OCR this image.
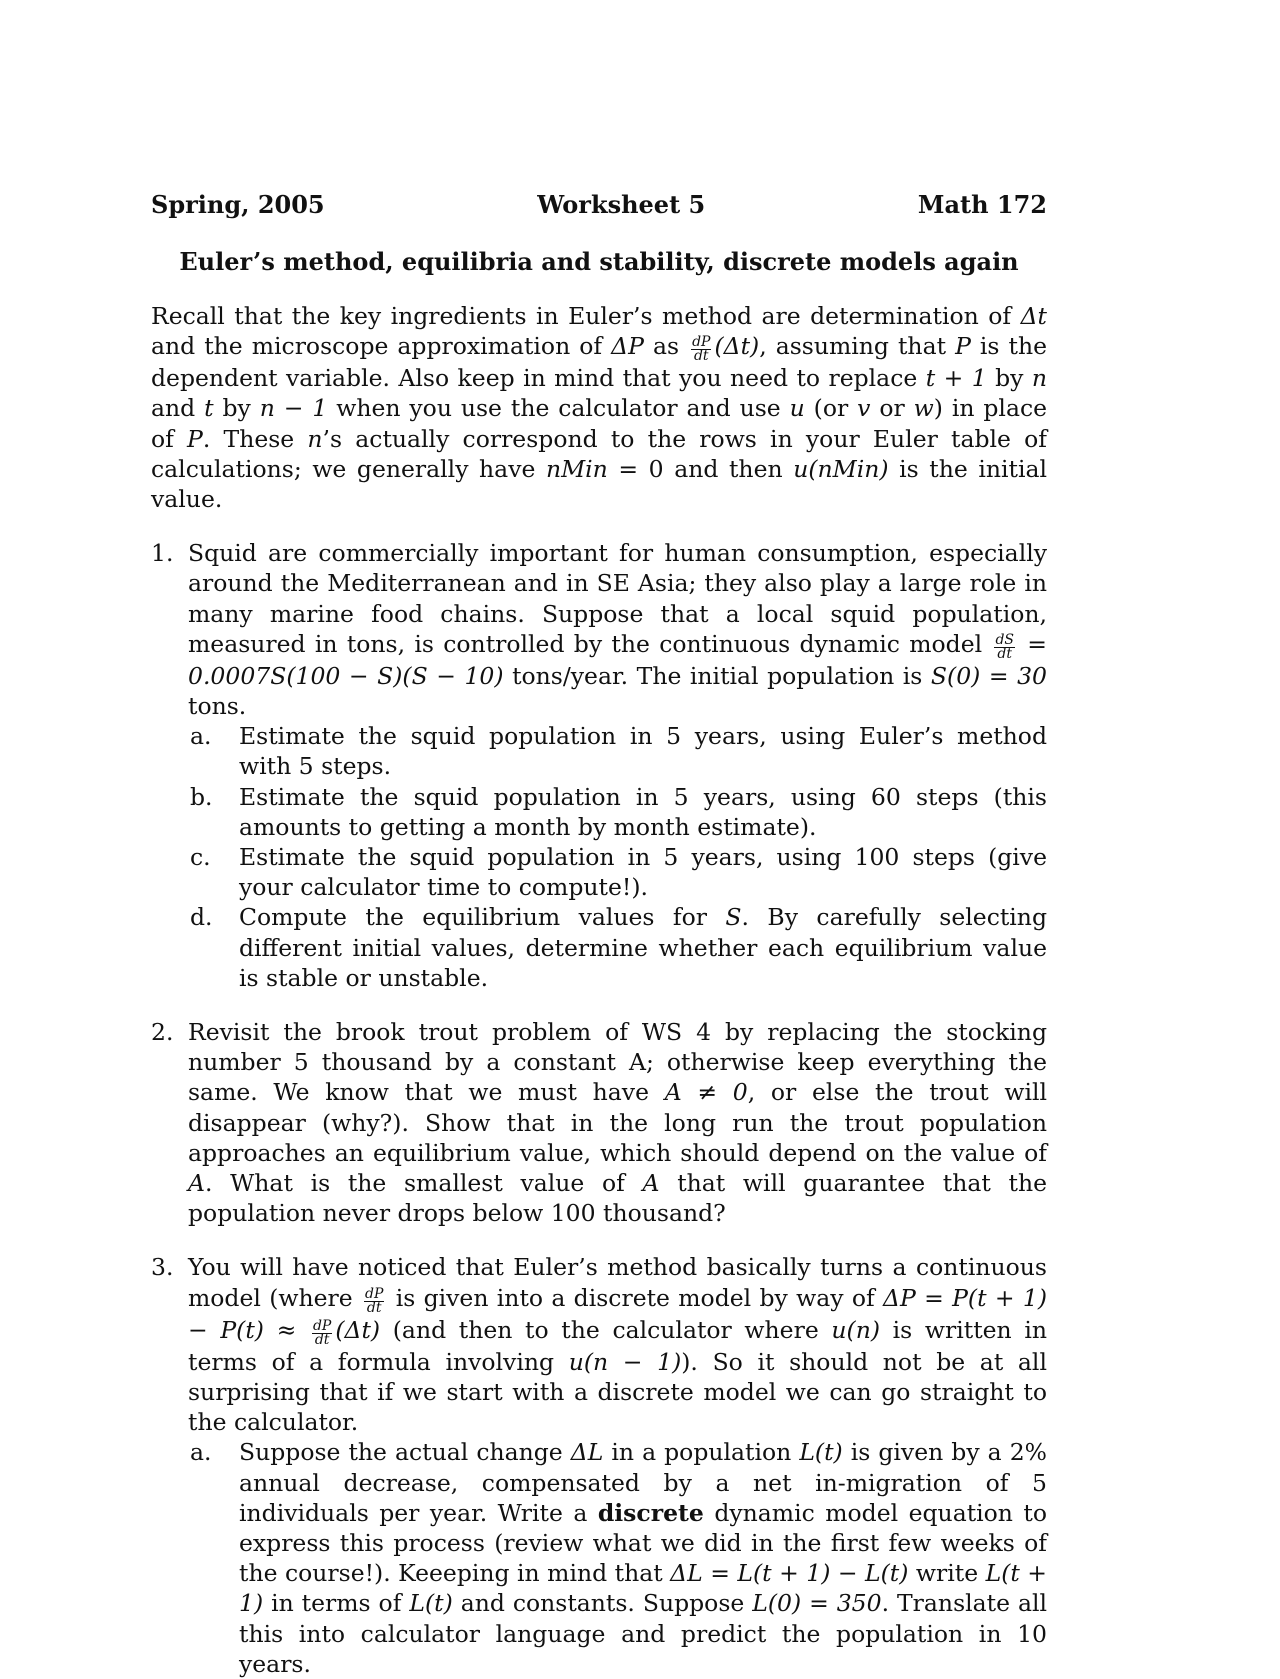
Spring, 2005	Worksheet 5	Math 172
Euler’s method, equilibria and stability, discrete models again
Recall that the key ingredients in Euler’s method are determination of Δt and the microscope approximation of ΔP as $\frac{dP}{dt} (\Delta t)$, assuming that P is the dependent variable. Also keep in mind that you need to replace t + 1 by n and t by n − 1 when you use the calculator and use u (or v or w) in place of P. These n’s actually correspond to the rows in your Euler table of calculations; we generally have nMin = 0 and then u(nMin) is the initial value.
1. Squid are commercially important for human consumption, especially around the Mediterranean and in SE Asia; they also play a large role in many marine food chains. Suppose that a local squid population, measured in tons, is controlled by the continuous dynamic model $\frac{dS}{dt} = 0.0007S(100 - S)(S - 10)$ tons/year. The initial population is S(0) = 30 tons.
a.	Estimate the squid population in 5 years, using Euler’s method with 5 steps.
b.	Estimate the squid population in 5 years, using 60 steps (this amounts to getting a month by month estimate).
c.	Estimate the squid population in 5 years, using 100 steps (give your calculator time to compute!).
d.	Compute the equilibrium values for S. By carefully selecting different initial values, determine whether each equilibrium value is stable or unstable.
2. Revisit the brook trout problem of WS 4 by replacing the stocking number 5 thousand by a constant A; otherwise keep everything the same. We know that we must have A ≠ 0, or else the trout will disappear (why?). Show that in the long run the trout population approaches an equilibrium value, which should depend on the value of A. What is the smallest value of A that will guarantee that the population never drops below 100 thousand?
3. You will have noticed that Euler’s method basically turns a continuous model (where $\frac{dP}{dt}$ is given into a discrete model by way of $\Delta P = P(t + 1) - P(t) \approx \frac{dP}{dt} (\Delta t)$ (and then to the calculator where u(n) is written in terms of a formula involving u(n − 1)). So it should not be at all surprising that if we start with a discrete model we can go straight to the calculator.
a.	Suppose the actual change ΔL in a population L(t) is given by a 2% annual decrease, compensated by a net in-migration of 5 individuals per year. Write a discrete dynamic model equation to express this process (review what we did in the first few weeks of the course!). Keeeping in mind that ΔL = L(t + 1) − L(t) write L(t + 1) in terms of L(t) and constants. Suppose L(0) = 350. Translate all this into calculator language and predict the population in 10 years.
